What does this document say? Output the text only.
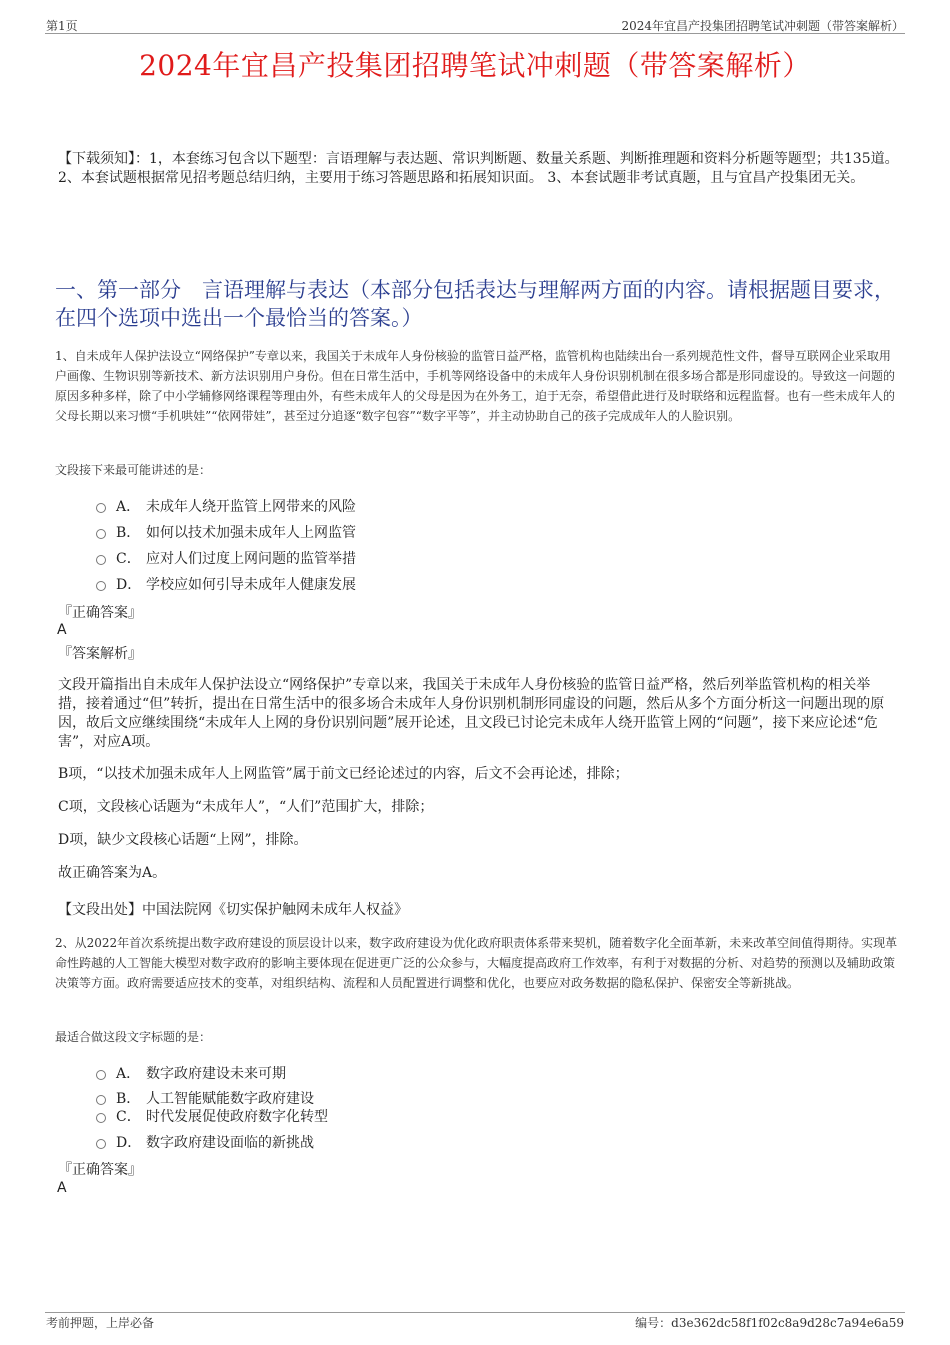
第1页	2024年宜昌产投集团招聘笔试冲刺题（带答案解析）
2024年宜昌产投集团招聘笔试冲刺题（带答案解析）
【下载须知】：1，本套练习包含以下题型：言语理解与表达题、常识判断题、数量关系题、判断推理题和资料分析题等题型；共135道。 2、本套试题根据常见招考题总结归纳，主要用于练习答题思路和拓展知识面。 3、本套试题非考试真题，且与宜昌产投集团无关。
一、第一部分　言语理解与表达（本部分包括表达与理解两方面的内容。请根据题目要求，在四个选项中选出一个最恰当的答案。）
1、自未成年人保护法设立“网络保护”专章以来，我国关于未成年人身份核验的监管日益严格，监管机构也陆续出台一系列规范性文件，督导互联网企业采取用户画像、生物识别等新技术、新方法识别用户身份。但在日常生活中，手机等网络设备中的未成年人身份识别机制在很多场合都是形同虚设的。导致这一问题的原因多种多样，除了中小学辅修网络课程等理由外，有些未成年人的父母是因为在外务工，迫于无奈，希望借此进行及时联络和远程监督。也有一些未成年人的父母长期以来习惯“手机哄娃”“依网带娃”，甚至过分追逐“数字包容”“数字平等”，并主动协助自己的孩子完成成年人的人脸识别。
文段接下来最可能讲述的是：
A． 未成年人绕开监管上网带来的风险
B． 如何以技术加强未成年人上网监管
C． 应对人们过度上网问题的监管举措
D． 学校应如何引导未成年人健康发展
『正确答案』
A
『答案解析』
文段开篇指出自未成年人保护法设立“网络保护”专章以来，我国关于未成年人身份核验的监管日益严格，然后列举监管机构的相关举措，接着通过“但”转折，提出在日常生活中的很多场合未成年人身份识别机制形同虚设的问题，然后从多个方面分析这一问题出现的原因，故后文应继续围绕“未成年人上网的身份识别问题”展开论述，且文段已讨论完未成年人绕开监管上网的“问题”，接下来应论述“危害”，对应A项。
B项，“以技术加强未成年人上网监管”属于前文已经论述过的内容，后文不会再论述，排除；
C项，文段核心话题为“未成年人”，“人们”范围扩大，排除；
D项，缺少文段核心话题“上网”，排除。
故正确答案为A。
【文段出处】中国法院网《切实保护触网未成年人权益》
2、从2022年首次系统提出数字政府建设的顶层设计以来，数字政府建设为优化政府职责体系带来契机，随着数字化全面革新，未来改革空间值得期待。实现革命性跨越的人工智能大模型对数字政府的影响主要体现在促进更广泛的公众参与，大幅度提高政府工作效率，有利于对数据的分析、对趋势的预测以及辅助政策决策等方面。政府需要适应技术的变革，对组织结构、流程和人员配置进行调整和优化，也要应对政务数据的隐私保护、保密安全等新挑战。
最适合做这段文字标题的是：
A． 数字政府建设未来可期
B． 人工智能赋能数字政府建设
C． 时代发展促使政府数字化转型
D． 数字政府建设面临的新挑战
『正确答案』
A
考前押题，上岸必备	编号：d3e362dc58f1f02c8a9d28c7a94e6a59
